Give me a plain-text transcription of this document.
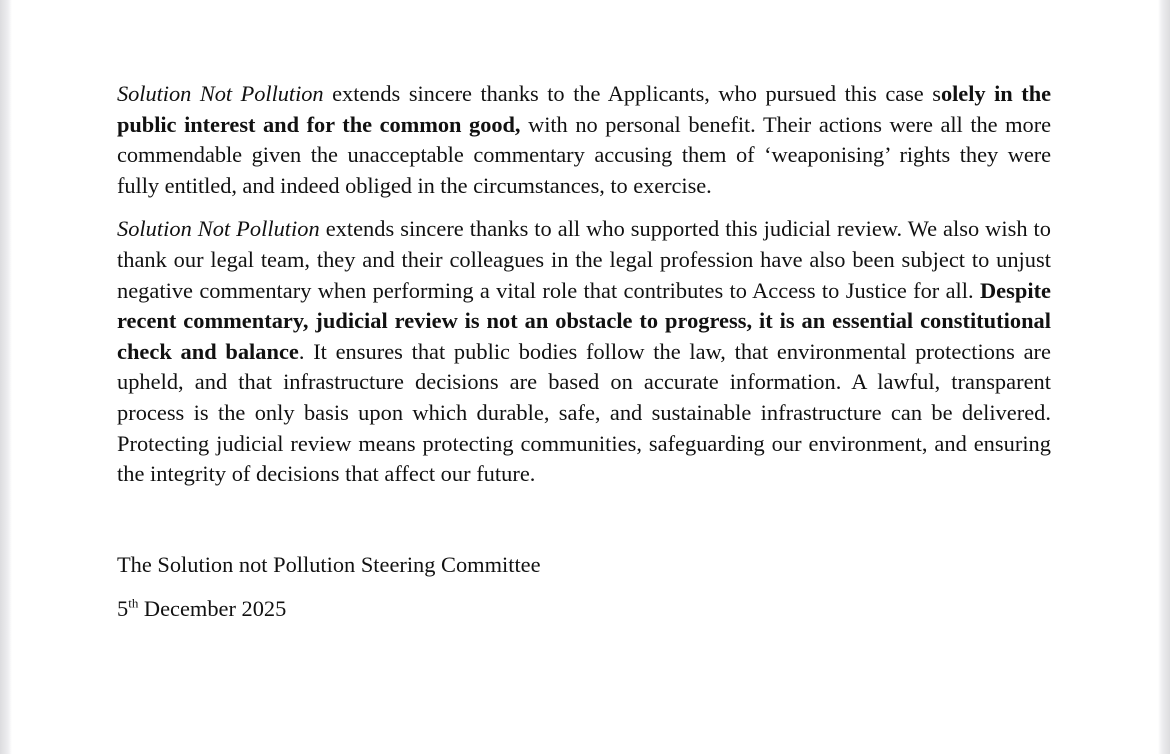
Solution Not Pollution extends sincere thanks to the Applicants, who pursued this case solely in the public interest and for the common good, with no personal benefit. Their actions were all the more commendable given the unacceptable commentary accusing them of ‘weaponising’ rights they were fully entitled, and indeed obliged in the circumstances, to exercise.

Solution Not Pollution extends sincere thanks to all who supported this judicial review. We also wish to thank our legal team, they and their colleagues in the legal profession have also been subject to unjust negative commentary when performing a vital role that contributes to Access to Justice for all. Despite recent commentary, judicial review is not an obstacle to progress, it is an essential constitutional check and balance. It ensures that public bodies follow the law, that environmental protections are upheld, and that infrastructure decisions are based on accurate information. A lawful, transparent process is the only basis upon which durable, safe, and sustainable infrastructure can be delivered. Protecting judicial review means protecting communities, safeguarding our environment, and ensuring the integrity of decisions that affect our future.

The Solution not Pollution Steering Committee

5th December 2025
